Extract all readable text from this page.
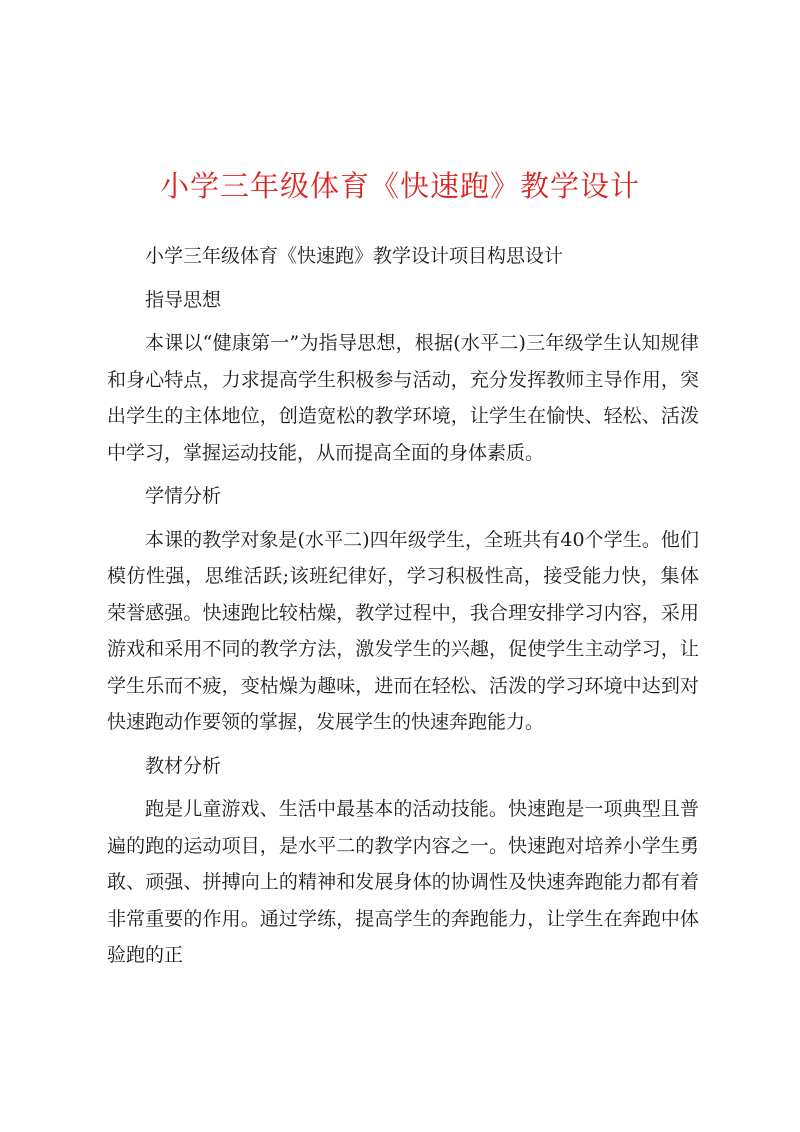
小学三年级体育《快速跑》教学设计

小学三年级体育《快速跑》教学设计项目构思设计

指导思想

本课以“健康第一”为指导思想，根据(水平二)三年级学生认知规律和身心特点，力求提高学生积极参与活动，充分发挥教师主导作用，突出学生的主体地位，创造宽松的教学环境，让学生在愉快、轻松、活泼中学习，掌握运动技能，从而提高全面的身体素质。

学情分析

本课的教学对象是(水平二)四年级学生，全班共有40个学生。他们模仿性强，思维活跃;该班纪律好，学习积极性高，接受能力快，集体荣誉感强。快速跑比较枯燥，教学过程中，我合理安排学习内容，采用游戏和采用不同的教学方法，激发学生的兴趣，促使学生主动学习，让学生乐而不疲，变枯燥为趣味，进而在轻松、活泼的学习环境中达到对快速跑动作要领的掌握，发展学生的快速奔跑能力。

教材分析

跑是儿童游戏、生活中最基本的活动技能。快速跑是一项典型且普遍的跑的运动项目，是水平二的教学内容之一。快速跑对培养小学生勇敢、顽强、拼搏向上的精神和发展身体的协调性及快速奔跑能力都有着非常重要的作用。通过学练，提高学生的奔跑能力，让学生在奔跑中体验跑的正
